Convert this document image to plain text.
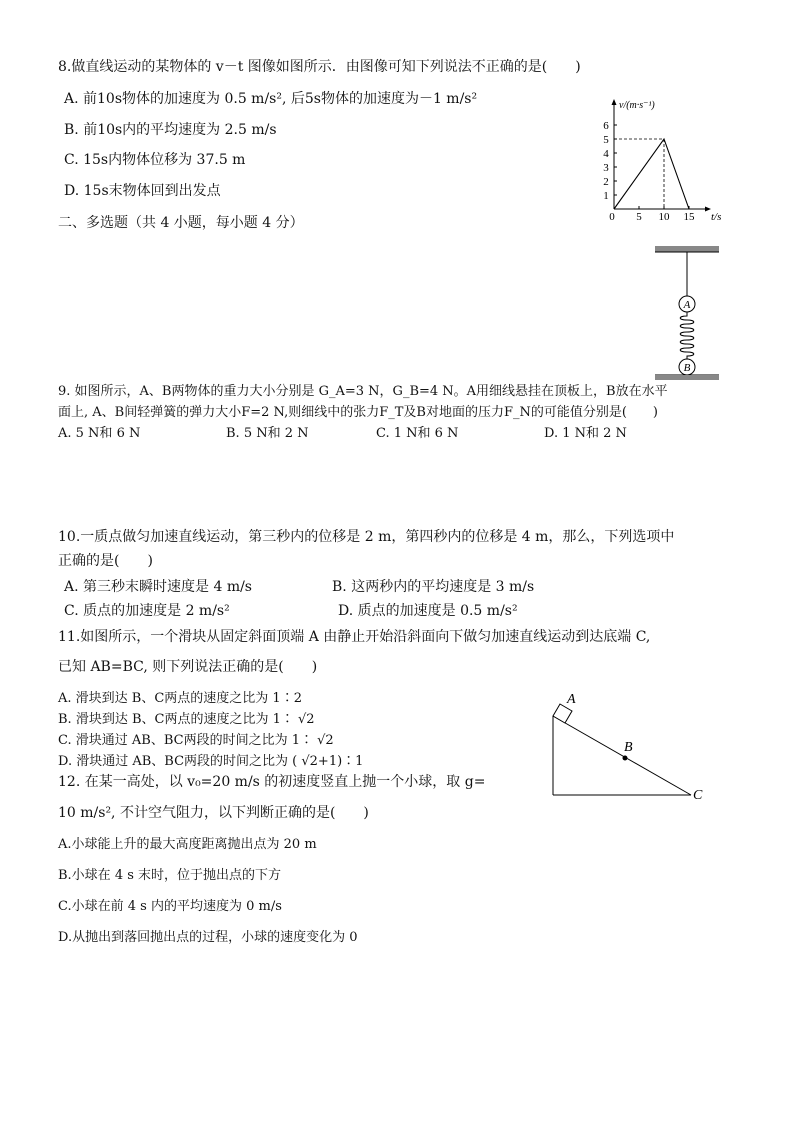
8.做直线运动的某物体的 v－t 图像如图所示．由图像可知下列说法不正确的是(　　)
A. 前10s物体的加速度为 0.5 m/s², 后5s物体的加速度为－1 m/s²
B. 前10s内的平均速度为 2.5 m/s
C. 15s内物体位移为 37.5 m
D. 15s末物体回到出发点	1
2
3
4
5
6
v/(m·s⁻¹)
0 5 10 15 t/s
二、多选题（共 4 小题，每小题 4 分）
A
B
9. 如图所示，A、B两物体的重力大小分别是 G_A=3 N，G_B=4 N。A用细线悬挂在顶板上，B放在水平
面上, A、B间轻弹簧的弹力大小F=2 N,则细线中的张力F_T及B对地面的压力F_N的可能值分别是(　　)
A. 5 N和 6 N	B. 5 N和 2 N	C. 1 N和 6 N	D. 1 N和 2 N
10.一质点做匀加速直线运动，第三秒内的位移是 2 m，第四秒内的位移是 4 m，那么，下列选项中
正确的是(　　)
A. 第三秒末瞬时速度是 4 m/s	B. 这两秒内的平均速度是 3 m/s
C. 质点的加速度是 2 m/s²	D. 质点的加速度是 0.5 m/s²
11.如图所示，一个滑块从固定斜面顶端 A 由静止开始沿斜面向下做匀加速直线运动到达底端 C,
已知 AB=BC, 则下列说法正确的是(　　)
A. 滑块到达 B、C两点的速度之比为 1∶2
B. 滑块到达 B、C两点的速度之比为 1∶ √2
C. 滑块通过 AB、BC两段的时间之比为 1∶ √2
D. 滑块通过 AB、BC两段的时间之比为 ( √2+1)∶1
A
B
C
12. 在某一高处，以 v₀=20 m/s 的初速度竖直上抛一个小球，取 g=
10 m/s², 不计空气阻力，以下判断正确的是(　　)
A.小球能上升的最大高度距离抛出点为 20 m
B.小球在 4 s 末时，位于抛出点的下方
C.小球在前 4 s 内的平均速度为 0 m/s
D.从抛出到落回抛出点的过程，小球的速度变化为 0
